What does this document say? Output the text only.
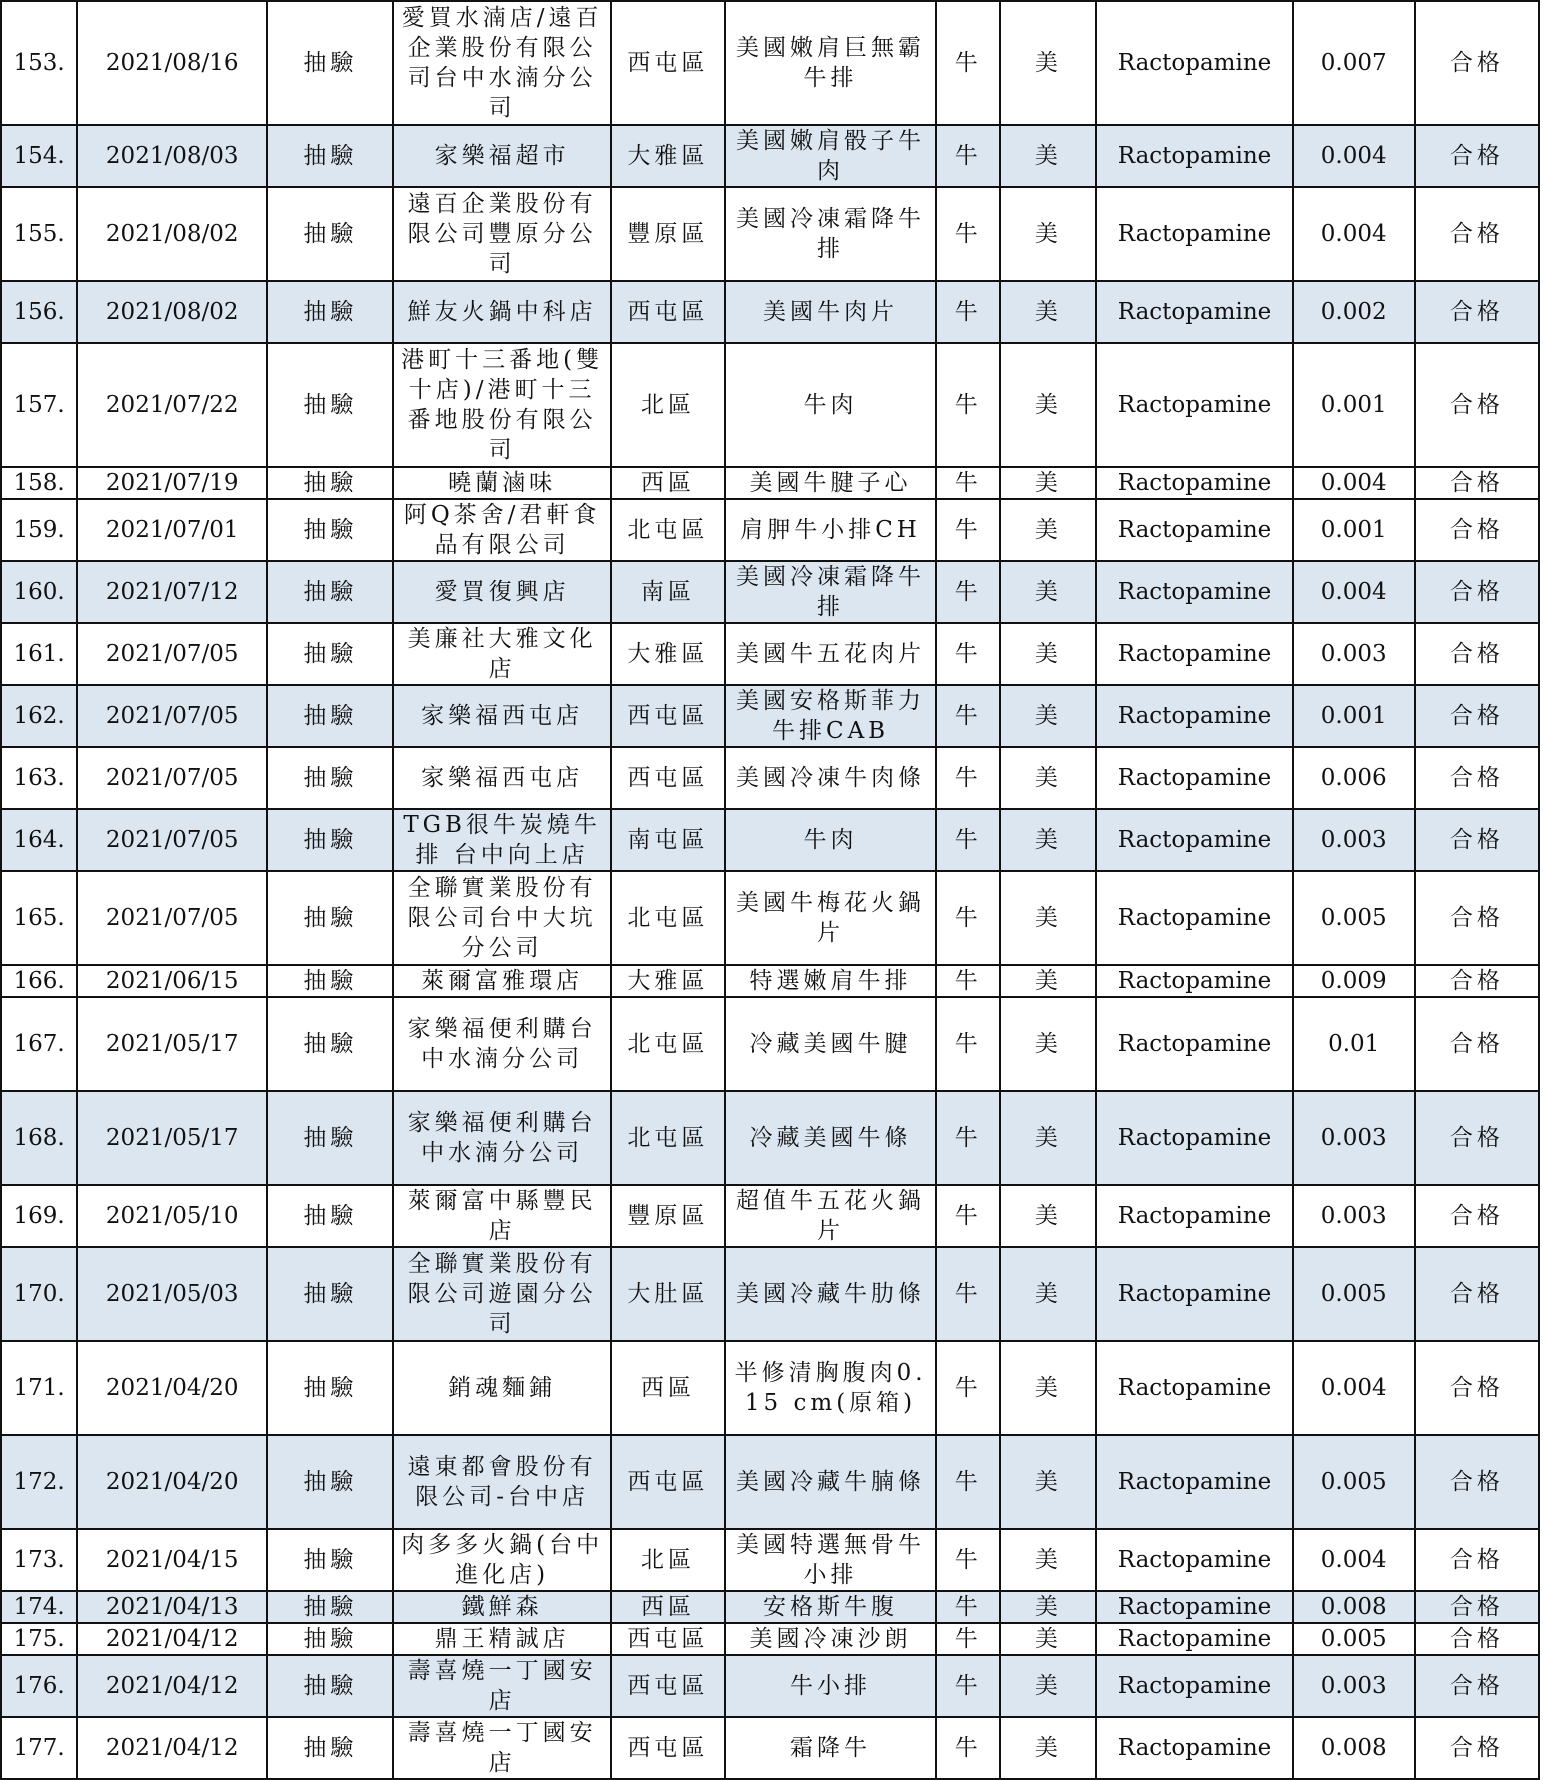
153.	2021/08/16	抽驗	愛買水湳店/遠百企業股份有限公司台中水湳分公司	西屯區	美國嫩肩巨無霸牛排	牛	美	Ractopamine	0.007	合格
154.	2021/08/03	抽驗	家樂福超市	大雅區	美國嫩肩骰子牛肉	牛	美	Ractopamine	0.004	合格
155.	2021/08/02	抽驗	遠百企業股份有限公司豐原分公司	豐原區	美國冷凍霜降牛排	牛	美	Ractopamine	0.004	合格
156.	2021/08/02	抽驗	鮮友火鍋中科店	西屯區	美國牛肉片	牛	美	Ractopamine	0.002	合格
157.	2021/07/22	抽驗	港町十三番地(雙十店)/港町十三番地股份有限公司	北區	牛肉	牛	美	Ractopamine	0.001	合格
158.	2021/07/19	抽驗	曉蘭滷味	西區	美國牛腱子心	牛	美	Ractopamine	0.004	合格
159.	2021/07/01	抽驗	阿Q茶舍/君軒食品有限公司	北屯區	肩胛牛小排CH	牛	美	Ractopamine	0.001	合格
160.	2021/07/12	抽驗	愛買復興店	南區	美國冷凍霜降牛排	牛	美	Ractopamine	0.004	合格
161.	2021/07/05	抽驗	美廉社大雅文化店	大雅區	美國牛五花肉片	牛	美	Ractopamine	0.003	合格
162.	2021/07/05	抽驗	家樂福西屯店	西屯區	美國安格斯菲力牛排CAB	牛	美	Ractopamine	0.001	合格
163.	2021/07/05	抽驗	家樂福西屯店	西屯區	美國冷凍牛肉條	牛	美	Ractopamine	0.006	合格
164.	2021/07/05	抽驗	TGB很牛炭燒牛排 台中向上店	南屯區	牛肉	牛	美	Ractopamine	0.003	合格
165.	2021/07/05	抽驗	全聯實業股份有限公司台中大坑分公司	北屯區	美國牛梅花火鍋片	牛	美	Ractopamine	0.005	合格
166.	2021/06/15	抽驗	萊爾富雅環店	大雅區	特選嫩肩牛排	牛	美	Ractopamine	0.009	合格
167.	2021/05/17	抽驗	家樂福便利購台中水湳分公司	北屯區	冷藏美國牛腱	牛	美	Ractopamine	0.01	合格
168.	2021/05/17	抽驗	家樂福便利購台中水湳分公司	北屯區	冷藏美國牛條	牛	美	Ractopamine	0.003	合格
169.	2021/05/10	抽驗	萊爾富中縣豐民店	豐原區	超值牛五花火鍋片	牛	美	Ractopamine	0.003	合格
170.	2021/05/03	抽驗	全聯實業股份有限公司遊園分公司	大肚區	美國冷藏牛肋條	牛	美	Ractopamine	0.005	合格
171.	2021/04/20	抽驗	銷魂麵鋪	西區	半修清胸腹肉0.15 cm(原箱)	牛	美	Ractopamine	0.004	合格
172.	2021/04/20	抽驗	遠東都會股份有限公司-台中店	西屯區	美國冷藏牛腩條	牛	美	Ractopamine	0.005	合格
173.	2021/04/15	抽驗	肉多多火鍋(台中進化店)	北區	美國特選無骨牛小排	牛	美	Ractopamine	0.004	合格
174.	2021/04/13	抽驗	鐵鮮森	西區	安格斯牛腹	牛	美	Ractopamine	0.008	合格
175.	2021/04/12	抽驗	鼎王精誠店	西屯區	美國冷凍沙朗	牛	美	Ractopamine	0.005	合格
176.	2021/04/12	抽驗	壽喜燒一丁國安店	西屯區	牛小排	牛	美	Ractopamine	0.003	合格
177.	2021/04/12	抽驗	壽喜燒一丁國安店	西屯區	霜降牛	牛	美	Ractopamine	0.008	合格
